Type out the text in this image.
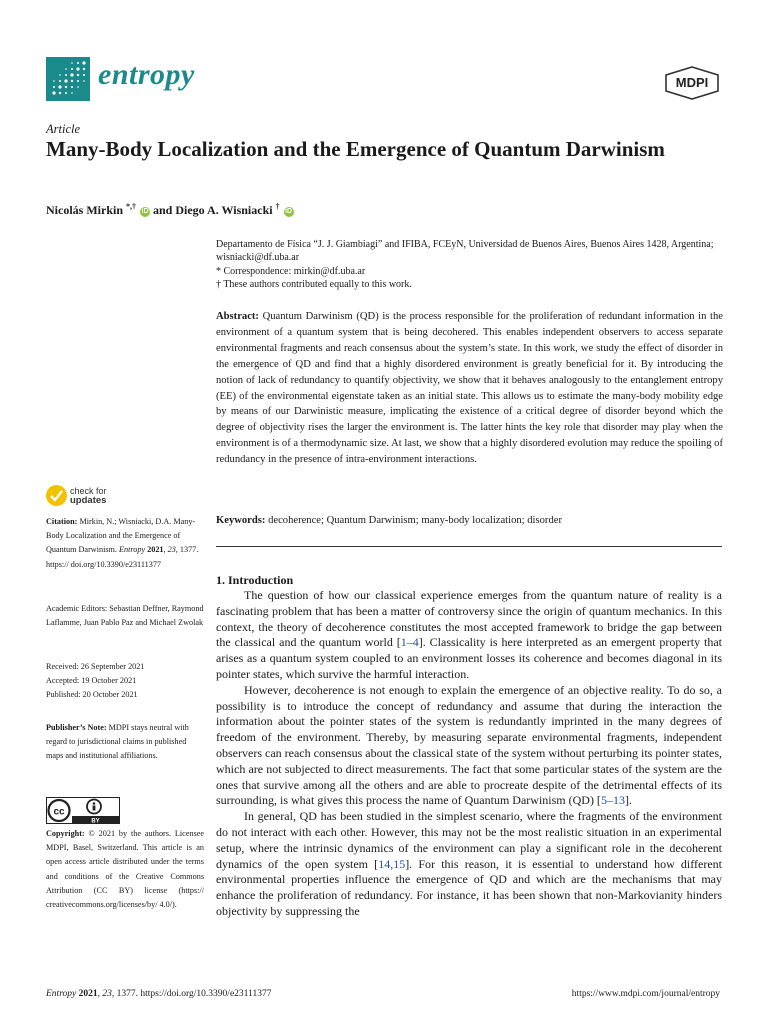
entropy	MDPI
Article
Many-Body Localization and the Emergence of Quantum Darwinism
Nicolás Mirkin *,† iD and Diego A. Wisniacki † iD

Departamento de Física “J. J. Giambiagi” and IFIBA, FCEyN, Universidad de Buenos Aires, Buenos Aires 1428, Argentina; wisniacki@df.uba.ar

* Correspondence: mirkin@df.uba.ar

† These authors contributed equally to this work.

Abstract: Quantum Darwinism (QD) is the process responsible for the proliferation of redundant information in the environment of a quantum system that is being decohered. This enables independent observers to access separate environmental fragments and reach consensus about the system’s state. In this work, we study the effect of disorder in the emergence of QD and find that a highly disordered environment is greatly beneficial for it. By introducing the notion of lack of redundancy to quantify objectivity, we show that it behaves analogously to the entanglement entropy (EE) of the environmental eigenstate taken as an initial state. This allows us to estimate the many-body mobility edge by means of our Darwinistic measure, implicating the existence of a critical degree of disorder beyond which the degree of objectivity rises the larger the environment is. The latter hints the key role that disorder may play when the environment is of a thermodynamic size. At last, we show that a highly disordered evolution may reduce the spoiling of redundancy in the presence of intra-environment interactions.
Keywords: decoherence; Quantum Darwinism; many-body localization; disorder
check for
updates

Citation: Mirkin, N.; Wisniacki, D.A. Many-Body Localization and the Emergence of Quantum Darwinism. Entropy 2021, 23, 1377. https:// doi.org/10.3390/e23111377

Academic Editors: Sebastian Deffner, Raymond Laflamme, Juan Pablo Paz and Michael Zwolak

Received: 26 September 2021

Accepted: 19 October 2021

Published: 20 October 2021

Publisher’s Note: MDPI stays neutral with regard to jurisdictional claims in published maps and institutional affiliations.

cc
BY

Copyright: © 2021 by the authors. Licensee MDPI, Basel, Switzerland. This article is an open access article distributed under the terms and conditions of the Creative Commons Attribution (CC BY) license (https:// creativecommons.org/licenses/by/ 4.0/).

1. Introduction

The question of how our classical experience emerges from the quantum nature of reality is a fascinating problem that has been a matter of controversy since the origin of quantum mechanics. In this context, the theory of decoherence constitutes the most accepted framework to bridge the gap between the classical and the quantum world [1–4]. Classicality is here interpreted as an emergent property that arises as a quantum system coupled to an environment losses its coherence and becomes diagonal in its pointer states, which survive the harmful interaction.

However, decoherence is not enough to explain the emergence of an objective reality. To do so, a possibility is to introduce the concept of redundancy and assume that during the interaction the information about the pointer states of the system is redundantly imprinted in the many degrees of freedom of the environment. Thereby, by measuring separate environmental fragments, independent observers can reach consensus about the classical state of the system without perturbing its pointer states, which are not subjected to direct measurements. The fact that some particular states of the system are the ones that survive among all the others and are able to procreate despite of the detrimental effects of its surrounding, is what gives this process the name of Quantum Darwinism (QD) [5–13].

In general, QD has been studied in the simplest scenario, where the fragments of the environment do not interact with each other. However, this may not be the most realistic situation in an experimental setup, where the intrinsic dynamics of the environment can play a significant role in the decoherent dynamics of the open system [14,15]. For this reason, it is essential to understand how different environmental properties influence the emergence of QD and which are the mechanisms that may enhance the proliferation of redundancy. For instance, it has been shown that non-Markovianity hinders objectivity by suppressing the

Entropy 2021, 23, 1377. https://doi.org/10.3390/e23111377	https://www.mdpi.com/journal/entropy
